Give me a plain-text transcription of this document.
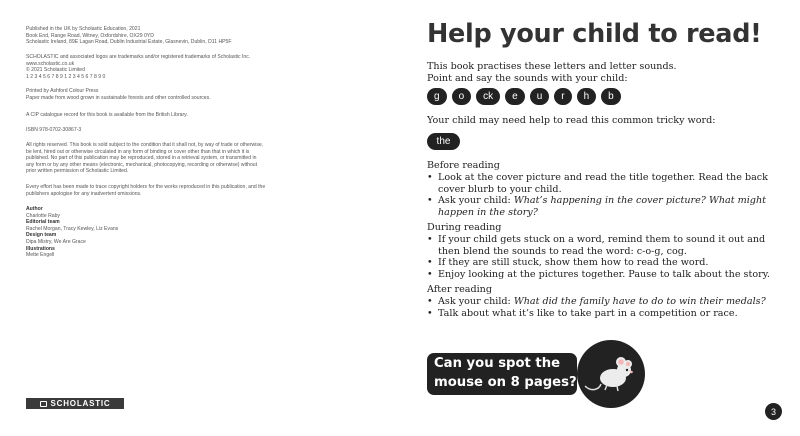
Published in the UK by Scholastic Education, 2021

Book End, Range Road, Witney, Oxfordshire, OX29 0YD

Scholastic Ireland, 89E Lagan Road, Dublin Industrial Estate, Glasnevin, Dublin, D11 HP5F

SCHOLASTIC and associated logos are trademarks and/or registered trademarks of Scholastic Inc.

www.scholastic.co.uk

© 2021 Scholastic Limited

1 2 3 4 5 6 7 8 9 1 2 3 4 5 6 7 8 9 0

Printed by Ashford Colour Press

Paper made from wood grown in sustainable forests and other controlled sources.

A CIP catalogue record for this book is available from the British Library.
ISBN 978-0702-30867-3
All rights reserved. This book is sold subject to the condition that it shall not, by way of trade or otherwise, be lent, hired out or otherwise circulated in any form of binding or cover other than that in which it is published. No part of this publication may be reproduced, stored in a retrieval system, or transmitted in any form or by any other means (electronic, mechanical, photocopying, recording or otherwise) without prior written permission of Scholastic Limited.
Every effort has been made to trace copyright holders for the works reproduced in this publication, and the publishers apologise for any inadvertent omissions.

Author

Charlotte Raby

Editorial team

Rachel Morgan, Tracy Kewley, Liz Evans

Design team

Dipa Mistry, We Are Grace

Illustrations

Mette Engell

SCHOLASTIC
Help your child to read!
This book practises these letters and letter sounds.
Point and say the sounds with your child:
g	o	ck	e	u	r	h	b
Your child may need help to read this common tricky word:
the
Before reading
• Look at the cover picture and read the title together. Read the back cover blurb to your child.
• Ask your child: What’s happening in the cover picture? What might happen in the story?
During reading
• If your child gets stuck on a word, remind them to sound it out and then blend the sounds to read the word: c-o-g, cog.
• If they are still stuck, show them how to read the word.
• Enjoy looking at the pictures together. Pause to talk about the story.
After reading
• Ask your child: What did the family have to do to win their medals?
• Talk about what it’s like to take part in a competition or race.
Can you spot the
mouse on 8 pages?
3
